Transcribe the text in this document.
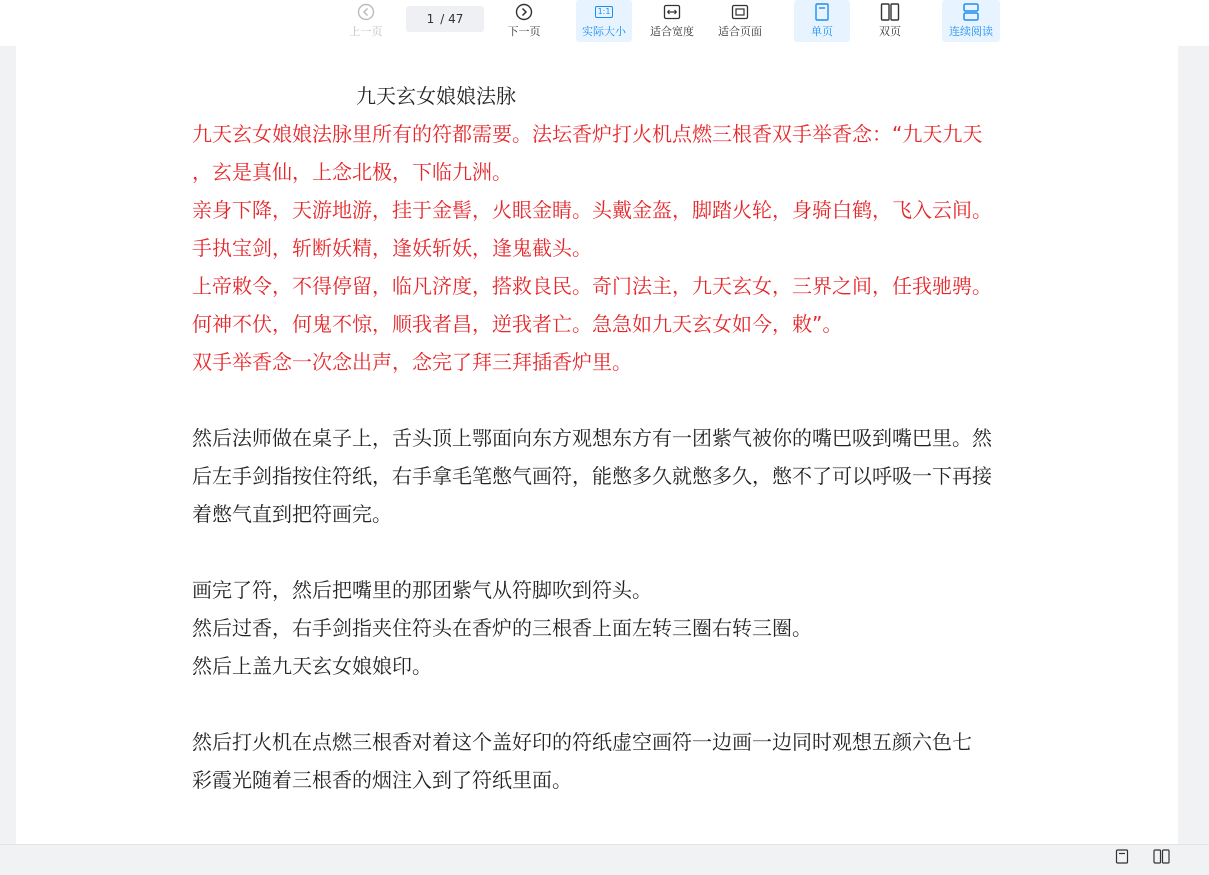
上一页
1 / 47
下一页
1:1
实际大小 适合宽度 适合页面	单页	双页	连续阅读

九天玄女娘娘法脉

九天玄女娘娘法脉里所有的符都需要。法坛香炉打火机点燃三根香双手举香念：“九天九天

，玄是真仙，上念北极，下临九洲。

亲身下降，天游地游，挂于金髻，火眼金睛。头戴金盔，脚踏火轮，身骑白鹤，飞入云间。

手执宝剑，斩断妖精，逢妖斩妖，逢鬼截头。

上帝敕令，不得停留，临凡济度，搭救良民。奇门法主，九天玄女，三界之间，任我驰骋。

何神不伏，何鬼不惊，顺我者昌，逆我者亡。急急如九天玄女如今，敕”。

双手举香念一次念出声，念完了拜三拜插香炉里。

然后法师做在桌子上，舌头顶上鄂面向东方观想东方有一团紫气被你的嘴巴吸到嘴巴里。然

后左手剑指按住符纸，右手拿毛笔憋气画符，能憋多久就憋多久，憋不了可以呼吸一下再接

着憋气直到把符画完。

画完了符，然后把嘴里的那团紫气从符脚吹到符头。

然后过香，右手剑指夹住符头在香炉的三根香上面左转三圈右转三圈。

然后上盖九天玄女娘娘印。

然后打火机在点燃三根香对着这个盖好印的符纸虚空画符一边画一边同时观想五颜六色七

彩霞光随着三根香的烟注入到了符纸里面。
